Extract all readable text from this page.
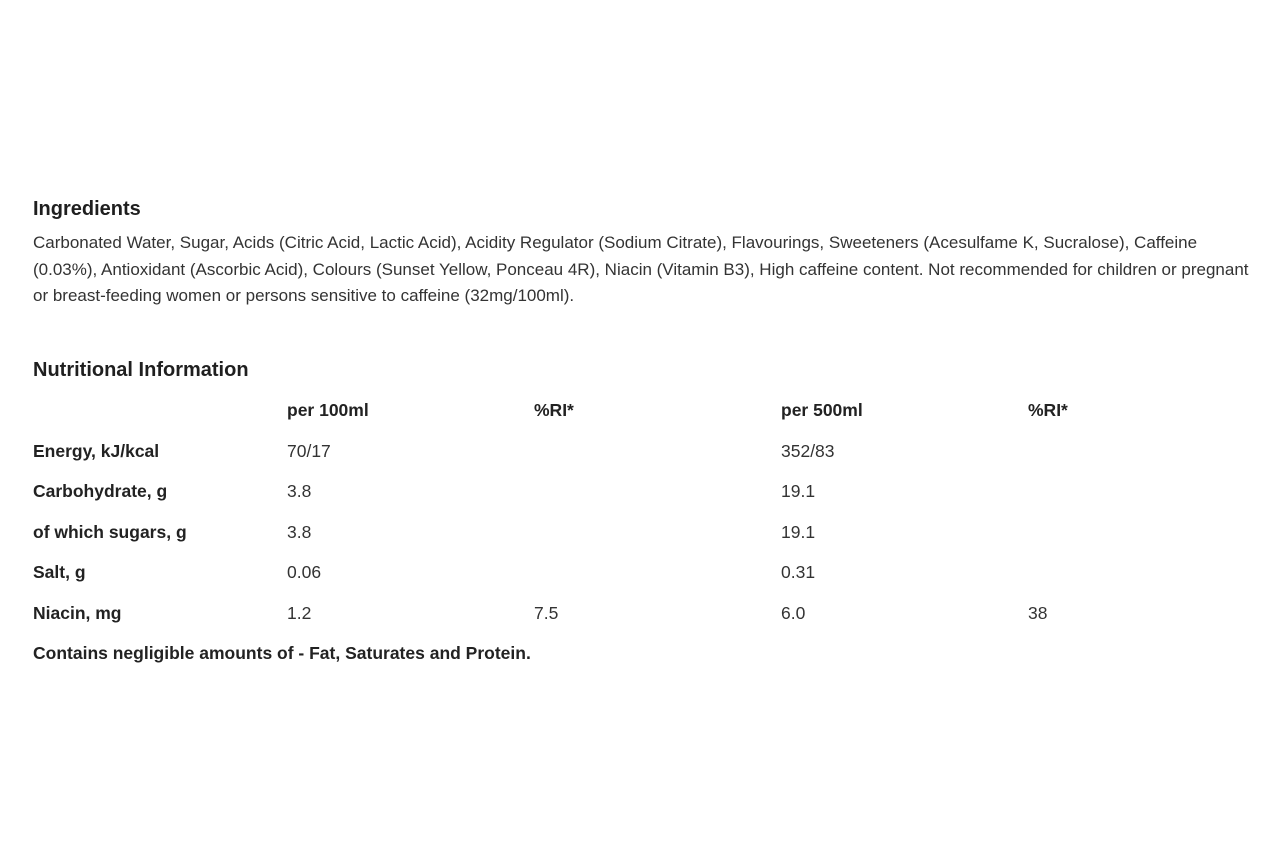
Ingredients

Carbonated Water, Sugar, Acids (Citric Acid, Lactic Acid), Acidity Regulator (Sodium Citrate), Flavourings, Sweeteners (Acesulfame K, Sucralose), Caffeine (0.03%), Antioxidant (Ascorbic Acid), Colours (Sunset Yellow, Ponceau 4R), Niacin (Vitamin B3), High caffeine content. Not recommended for children or pregnant or breast-feeding women or persons sensitive to caffeine (32mg/100ml).

Nutritional Information
	per 100ml	%RI*	per 500ml	%RI*
Energy, kJ/kcal	70/17		352/83	
Carbohydrate, g	3.8		19.1	
of which sugars, g	3.8		19.1	
Salt, g	0.06		0.31	
Niacin, mg	1.2	7.5	6.0	38
Contains negligible amounts of - Fat, Saturates and Protein.
